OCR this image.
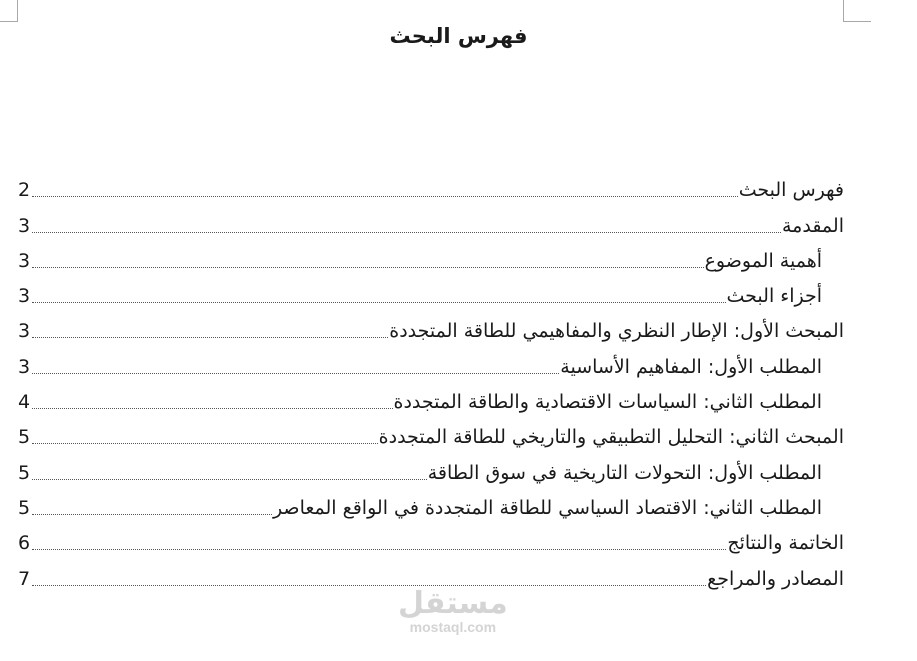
فهرس البحث
فهرس البحث
2
المقدمة
3
أهمية الموضوع
3
أجزاء البحث
3
المبحث الأول: الإطار النظري والمفاهيمي للطاقة المتجددة
3
المطلب الأول: المفاهيم الأساسية
3
المطلب الثاني: السياسات الاقتصادية والطاقة المتجددة
4
المبحث الثاني: التحليل التطبيقي والتاريخي للطاقة المتجددة
5
المطلب الأول: التحولات التاريخية في سوق الطاقة
5
المطلب الثاني: الاقتصاد السياسي للطاقة المتجددة في الواقع المعاصر
5
الخاتمة والنتائج
6
المصادر والمراجع
7
مستقل
mostaql.com
